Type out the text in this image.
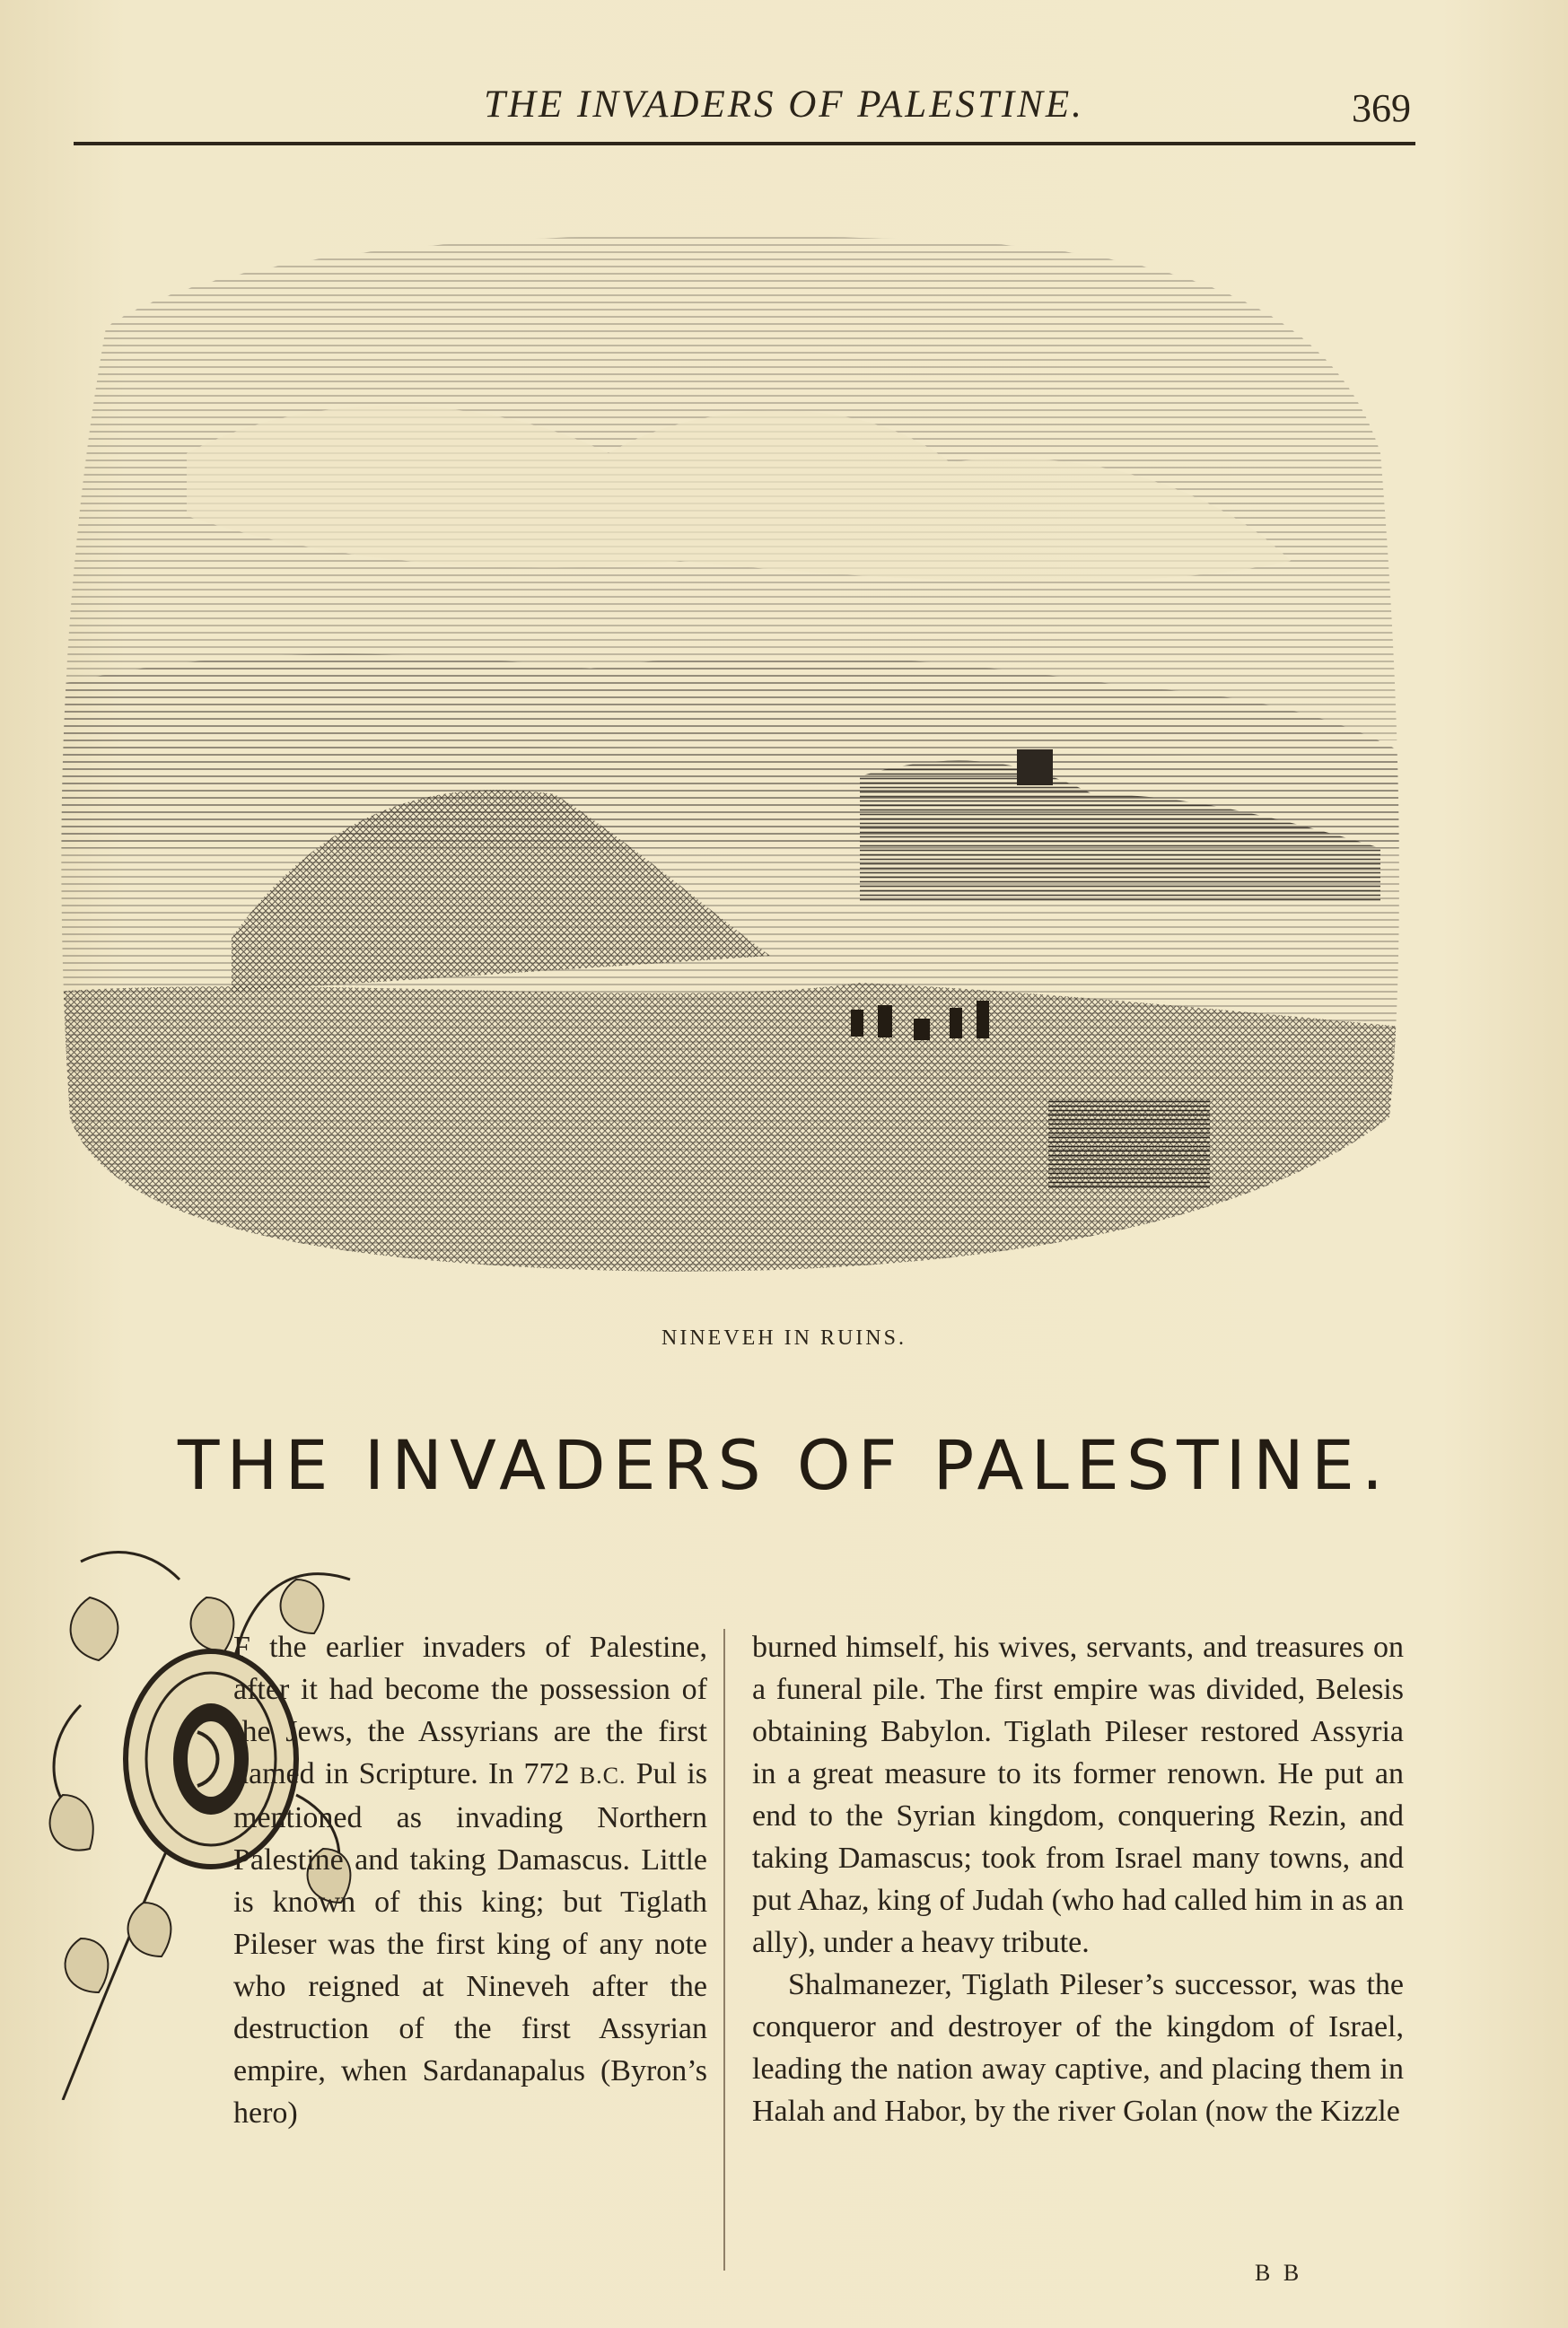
THE INVADERS OF PALESTINE.	369
NINEVEH IN RUINS.
THE INVADERS OF PALESTINE.

F the earlier invaders of Palestine, after it had become the possession of the Jews, the Assyrians are the first named in Scripture. In 772 B.C. Pul is mentioned as invading Northern Palestine and taking Damascus. Little is known of this king; but Tiglath Pileser was the first king of any note who reigned at Nineveh after the destruction of the first Assyrian empire, when Sardanapalus (Byron’s hero)

burned himself, his wives, servants, and treasures on a funeral pile. The first empire was divided, Belesis obtaining Babylon. Tiglath Pileser restored Assyria in a great measure to its former renown. He put an end to the Syrian kingdom, conquering Rezin, and taking Damascus; took from Israel many towns, and put Ahaz, king of Judah (who had called him in as an ally), under a heavy tribute.

Shalmanezer, Tiglath Pileser’s successor, was the conqueror and destroyer of the kingdom of Israel, leading the nation away captive, and placing them in Halah and Habor, by the river Golan (now the Kizzle

B B
